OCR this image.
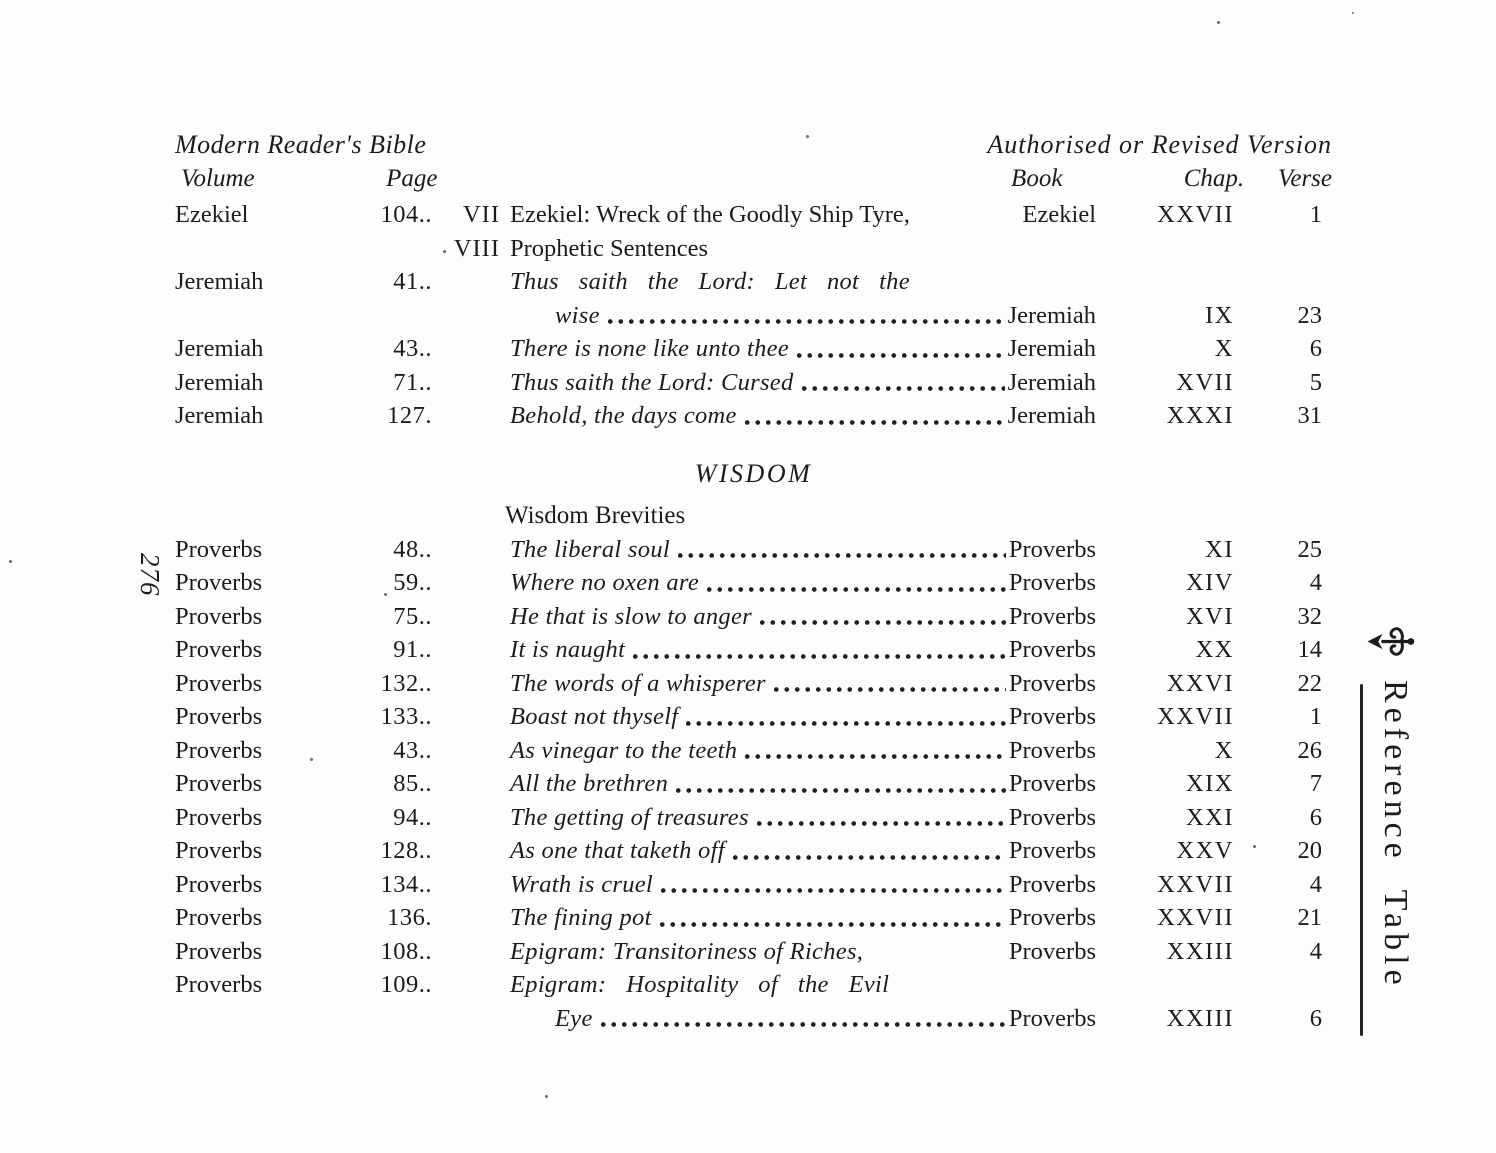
276
Reference Table
Modern Reader's Bible	Authorised or Revised Version
Volume	Page	Book	Chap.	Verse
Ezekiel	104..	VII Ezekiel: Wreck of the Goodly Ship Tyre,	Ezekiel	XXVII	1
VIII Prophetic Sentences
Jeremiah	41..	Thus saith the Lord: Let not the
wise	Jeremiah	IX	23
Jeremiah	43..	There is none like unto thee	Jeremiah	X	6
Jeremiah	71..	Thus saith the Lord: Cursed	Jeremiah	XVII	5
Jeremiah	127.	Behold, the days come	Jeremiah	XXXI	31
WISDOM
Wisdom Brevities
Proverbs	48..	The liberal soul	Proverbs	XI	25
Proverbs	59..	Where no oxen are	Proverbs	XIV	4
Proverbs	75..	He that is slow to anger	Proverbs	XVI	32
Proverbs	91..	It is naught	Proverbs	XX	14
Proverbs	132..	The words of a whisperer	Proverbs	XXVI	22
Proverbs	133..	Boast not thyself	Proverbs	XXVII	1
Proverbs	43..	As vinegar to the teeth	Proverbs	X	26
Proverbs	85..	All the brethren	Proverbs	XIX	7
Proverbs	94..	The getting of treasures	Proverbs	XXI	6
Proverbs	128..	As one that taketh off	Proverbs	XXV	20
Proverbs	134..	Wrath is cruel	Proverbs	XXVII	4
Proverbs	136.	The fining pot	Proverbs	XXVII	21
Proverbs	108..	Epigram: Transitoriness of Riches,	Proverbs	XXIII	4
Proverbs	109..	Epigram: Hospitality of the Evil
Eye	Proverbs	XXIII	6
